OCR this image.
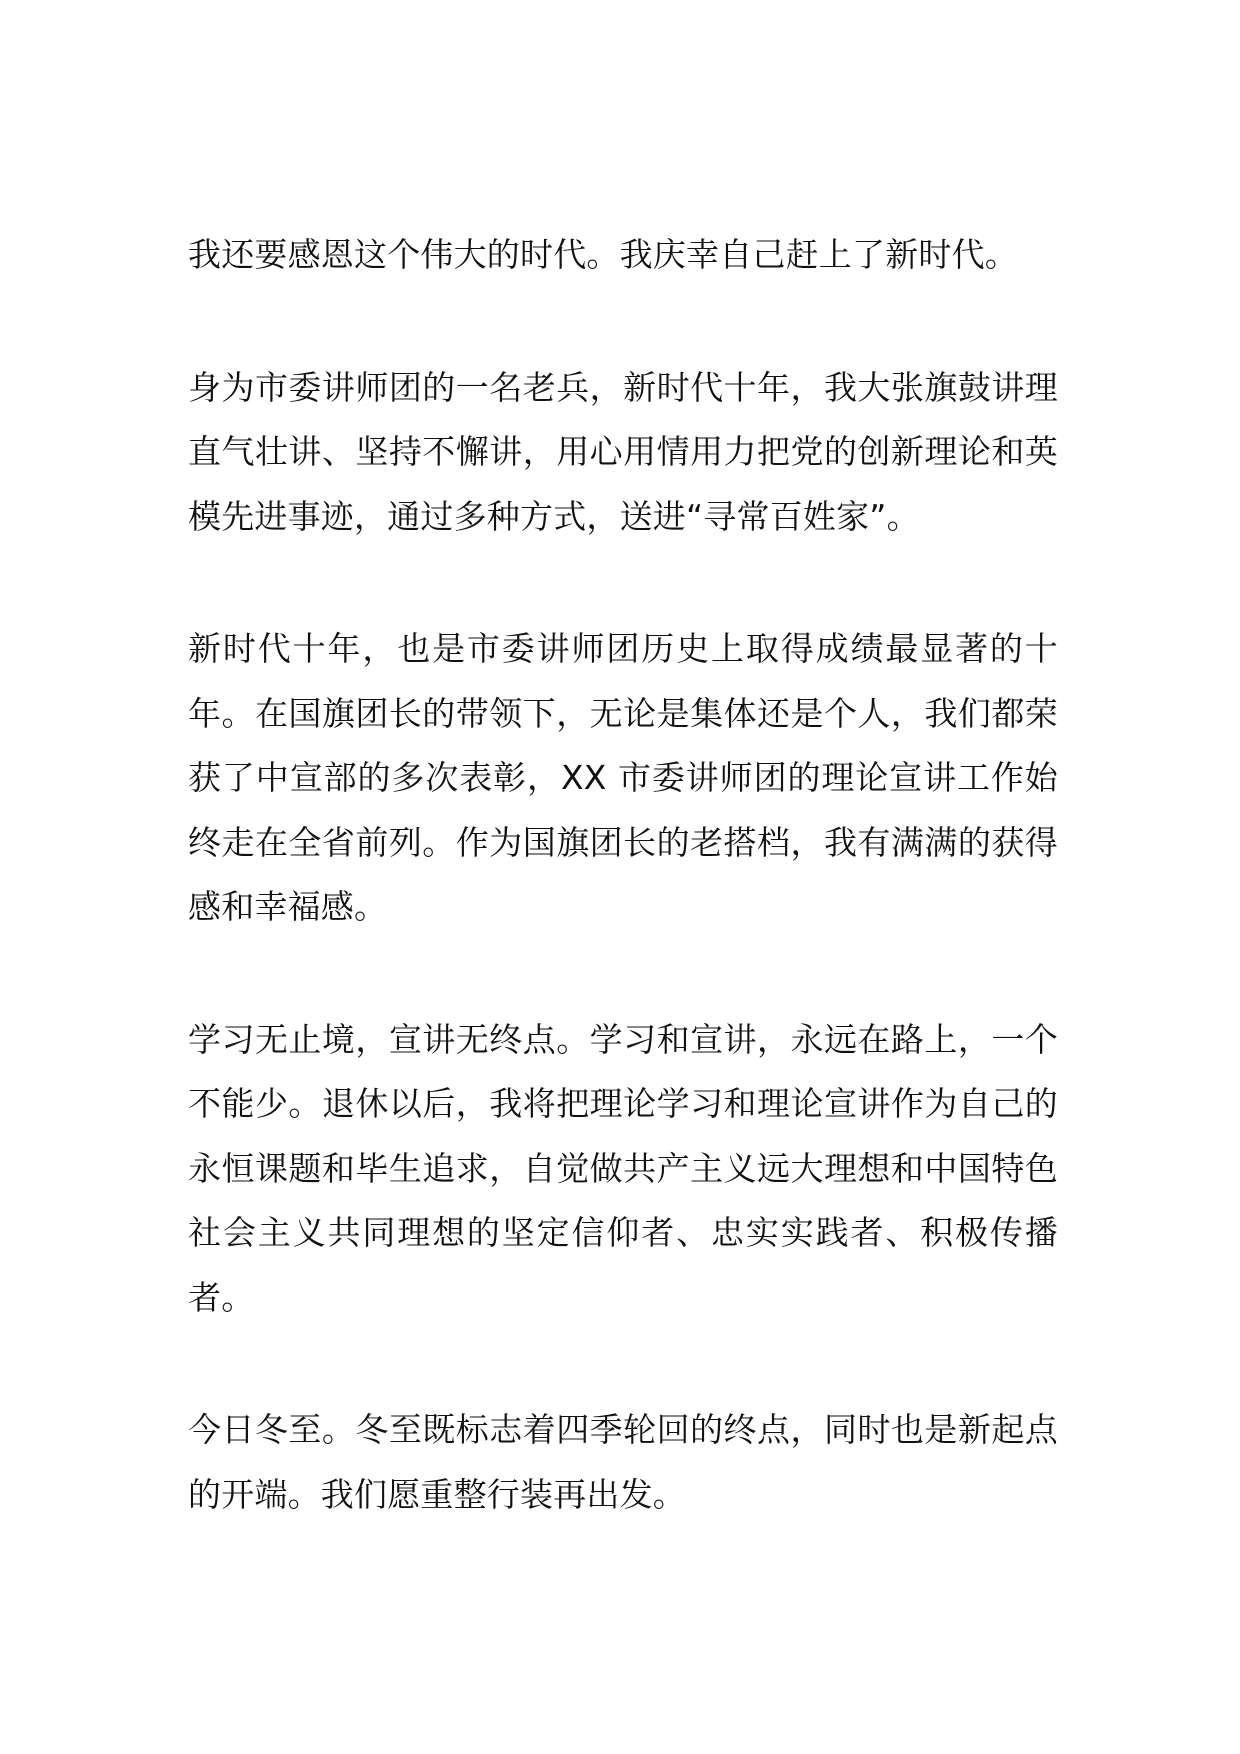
我还要感恩这个伟大的时代。我庆幸自己赶上了新时代。

身为市委讲师团的一名老兵，新时代十年，我大张旗鼓讲理直气壮讲、坚持不懈讲，用心用情用力把党的创新理论和英模先进事迹，通过多种方式，送进“寻常百姓家”。

新时代十年，也是市委讲师团历史上取得成绩最显著的十年。在国旗团长的带领下，无论是集体还是个人，我们都荣获了中宣部的多次表彰，XX 市委讲师团的理论宣讲工作始终走在全省前列。作为国旗团长的老搭档，我有满满的获得感和幸福感。

学习无止境，宣讲无终点。学习和宣讲，永远在路上，一个不能少。退休以后，我将把理论学习和理论宣讲作为自己的永恒课题和毕生追求，自觉做共产主义远大理想和中国特色社会主义共同理想的坚定信仰者、忠实实践者、积极传播者。

今日冬至。冬至既标志着四季轮回的终点，同时也是新起点的开端。我们愿重整行装再出发。
